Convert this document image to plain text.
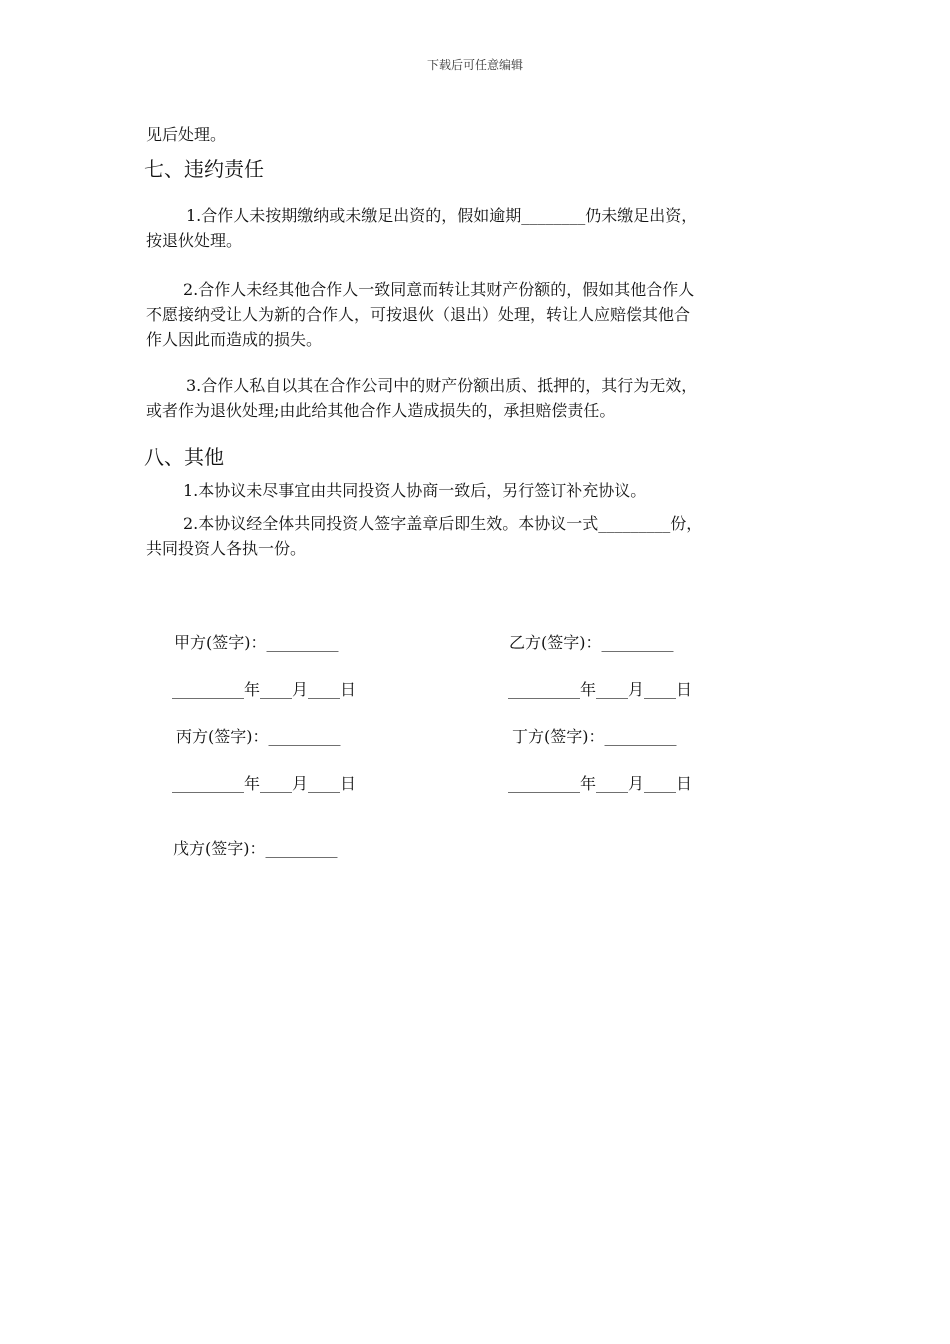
下载后可任意编辑
见后处理。
七、违约责任
1.合作人未按期缴纳或未缴足出资的，假如逾期________仍未缴足出资，
按退伙处理。
2.合作人未经其他合作人一致同意而转让其财产份额的，假如其他合作人
不愿接纳受让人为新的合作人，可按退伙（退出）处理，转让人应赔偿其他合
作人因此而造成的损失。
3.合作人私自以其在合作公司中的财产份额出质、抵押的，其行为无效，
或者作为退伙处理;由此给其他合作人造成损失的，承担赔偿责任。
八、其他
1.本协议未尽事宜由共同投资人协商一致后，另行签订补充协议。
2.本协议经全体共同投资人签字盖章后即生效。本协议一式_________份，
共同投资人各执一份。
甲方(签字)：_________	乙方(签字)：_________
_________年____月____日	_________年____月____日
丙方(签字)：_________	丁方(签字)：_________
_________年____月____日	_________年____月____日
戊方(签字)：_________
